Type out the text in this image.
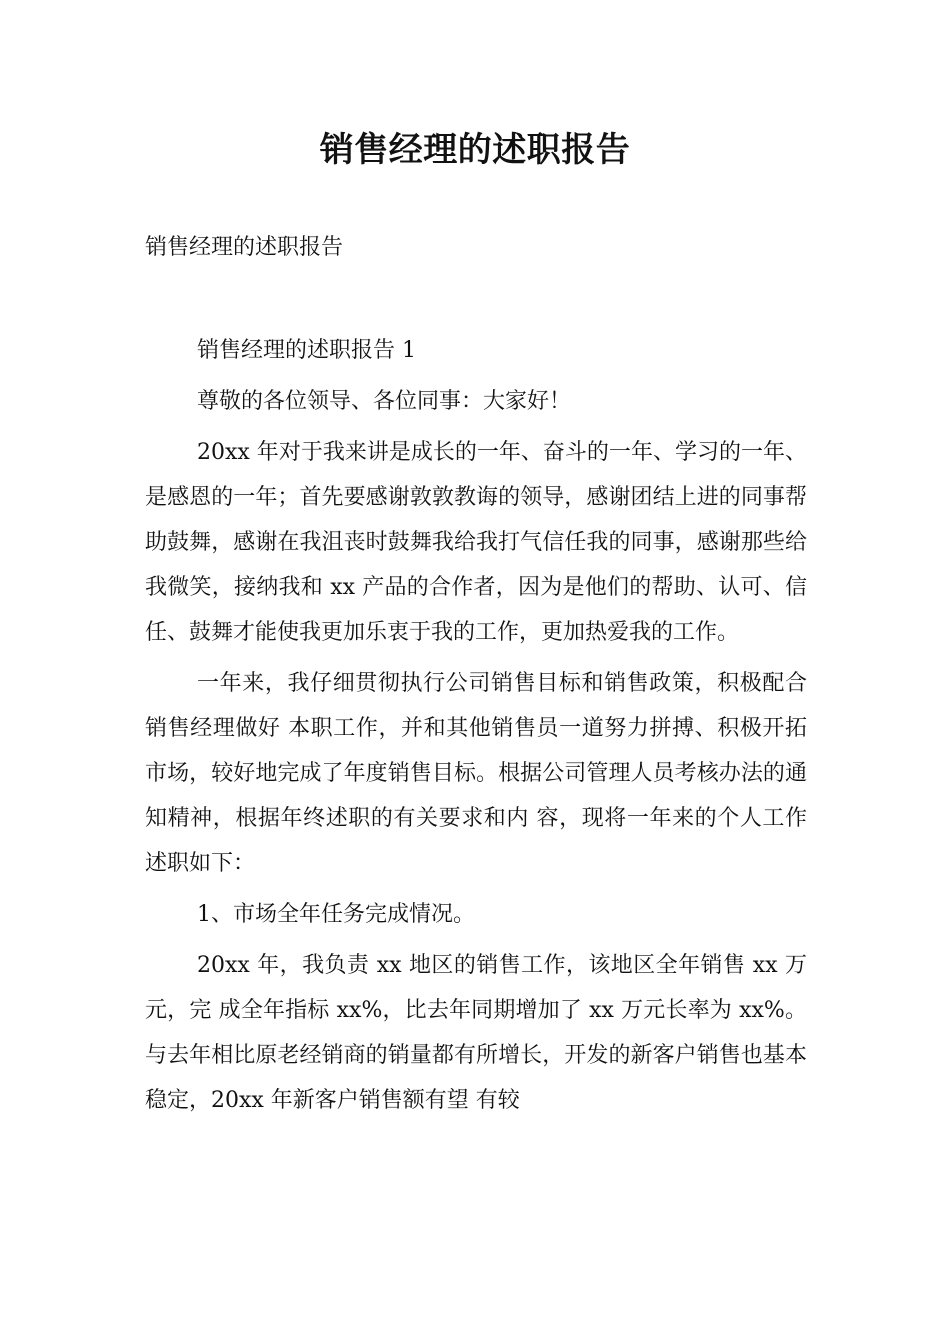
销售经理的述职报告
销售经理的述职报告

销售经理的述职报告 1

尊敬的各位领导、各位同事：大家好！

20xx 年对于我来讲是成长的一年、奋斗的一年、学习的一年、是感恩的一年；首先要感谢敦敦教诲的领导，感谢团结上进的同事帮助鼓舞，感谢在我沮丧时鼓舞我给我打气信任我的同事，感谢那些给我微笑，接纳我和 xx 产品的合作者，因为是他们的帮助、认可、信任、鼓舞才能使我更加乐衷于我的工作，更加热爱我的工作。

一年来，我仔细贯彻执行公司销售目标和销售政策，积极配合销售经理做好 本职工作，并和其他销售员一道努力拼搏、积极开拓市场，较好地完成了年度销售目标。根据公司管理人员考核办法的通知精神，根据年终述职的有关要求和内 容，现将一年来的个人工作述职如下：

1、市场全年任务完成情况。

20xx 年，我负责 xx 地区的销售工作，该地区全年销售 xx 万元，完 成全年指标 xx%，比去年同期增加了 xx 万元长率为 xx%。与去年相比原老经销商的销量都有所增长，开发的新客户销售也基本稳定，20xx 年新客户销售额有望 有较
